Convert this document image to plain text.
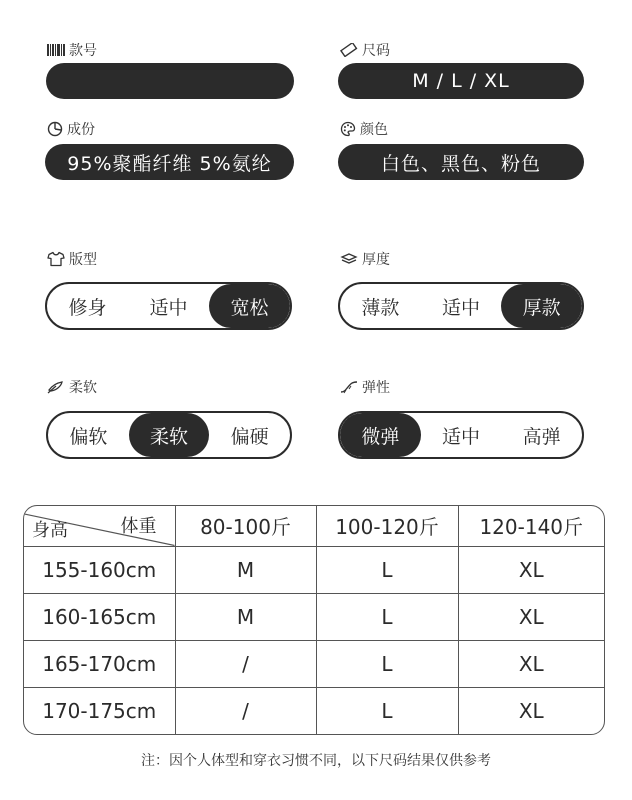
款号	尺码
M / L / XL
成份
95%聚酯纤维 5%氨纶
颜色
白色、黑色、粉色
版型
修身	适中	宽松
厚度
薄款	适中	厚款
柔软
偏软	柔软	偏硬
弹性
微弹	适中	高弹
体重
身高	80-100斤	100-120斤	120-140斤
155-160cm	M	L	XL
160-165cm	M	L	XL
165-170cm	/	L	XL
170-175cm	/	L	XL
注：因个人体型和穿衣习惯不同，以下尺码结果仅供参考
